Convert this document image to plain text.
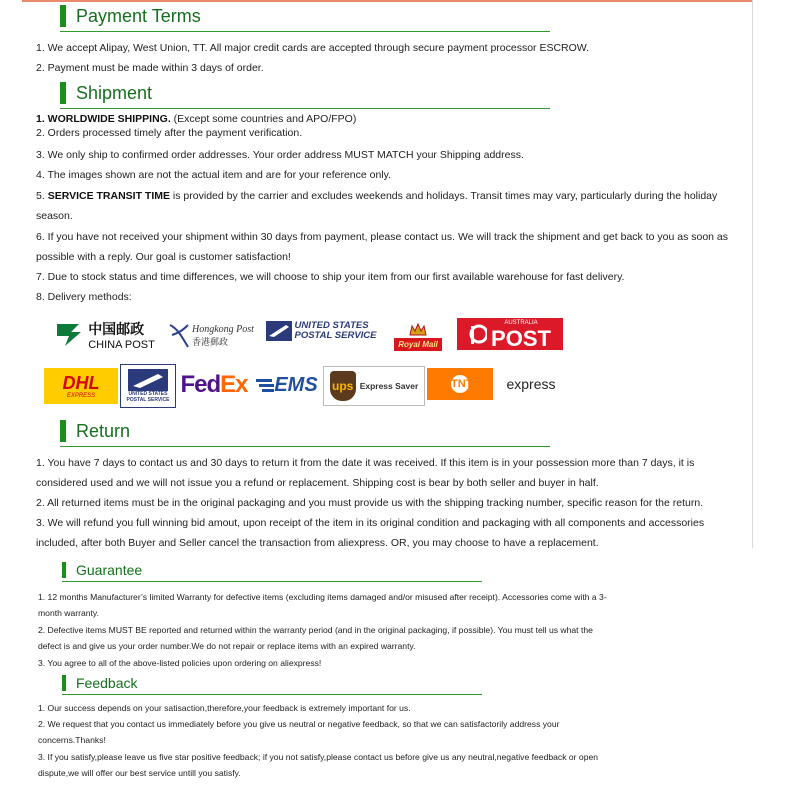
Payment Terms
1. We accept Alipay, West Union, TT. All major credit cards are accepted through secure payment processor ESCROW.
2. Payment must be made within 3 days of order.
Shipment
1. WORLDWIDE SHIPPING. (Except some countries and APO/FPO)
2. Orders processed timely after the payment verification.
3. We only ship to confirmed order addresses. Your order address MUST MATCH your Shipping address.
4. The images shown are not the actual item and are for your reference only.
5. SERVICE TRANSIT TIME is provided by the carrier and excludes weekends and holidays. Transit times may vary, particularly during the holiday
season.
6. If you have not received your shipment within 30 days from payment, please contact us. We will track the shipment and get back to you as soon as
possible with a reply. Our goal is customer satisfaction!
7. Due to stock status and time differences, we will choose to ship your item from our first available warehouse for fast delivery.
8. Delivery methods:
中国邮政
CHINA POST
Hongkong Post
香港郵政
UNITED STATES
POSTAL SERVICE
Royal Mail
AUSTRALIA
POST
DHL
EXPRESS	UNITED STATES
POSTAL SERVICE
Fed Ex EMS ups Express Saver	TNT express
Return
1. You have 7 days to contact us and 30 days to return it from the date it was received. If this item is in your possession more than 7 days, it is
considered used and we will not issue you a refund or replacement. Shipping cost is bear by both seller and buyer in half.
2. All returned items must be in the original packaging and you must provide us with the shipping tracking number, specific reason for the return.
3. We will refund you full winning bid amout, upon receipt of the item in its original condition and packaging with all components and accessories
included, after both Buyer and Seller cancel the transaction from aliexpress. OR, you may choose to have a replacement.
Guarantee
1. 12 months Manufacturer’s limited Warranty for defective items (excluding items damaged and/or misused after receipt). Accessories come with a 3-
month warranty.
2. Defective items MUST BE reported and returned within the warranty period (and in the original packaging, if possible). You must tell us what the
defect is and give us your order number.We do not repair or replace items with an expired warranty.
3. You agree to all of the above-listed policies upon ordering on aliexpress!
Feedback
1. Our success depends on your satisaction,therefore,your feedback is extremely important for us.
2. We request that you contact us immediately before you give us neutral or negative feedback, so that we can satisfactorily address your
concerns.Thanks!
3. If you satisfy,please leave us five star positive feedback; if you not satisfy,please contact us before give us any neutral,negative feedback or open
dispute,we will offer our best service untill you satisfy.
